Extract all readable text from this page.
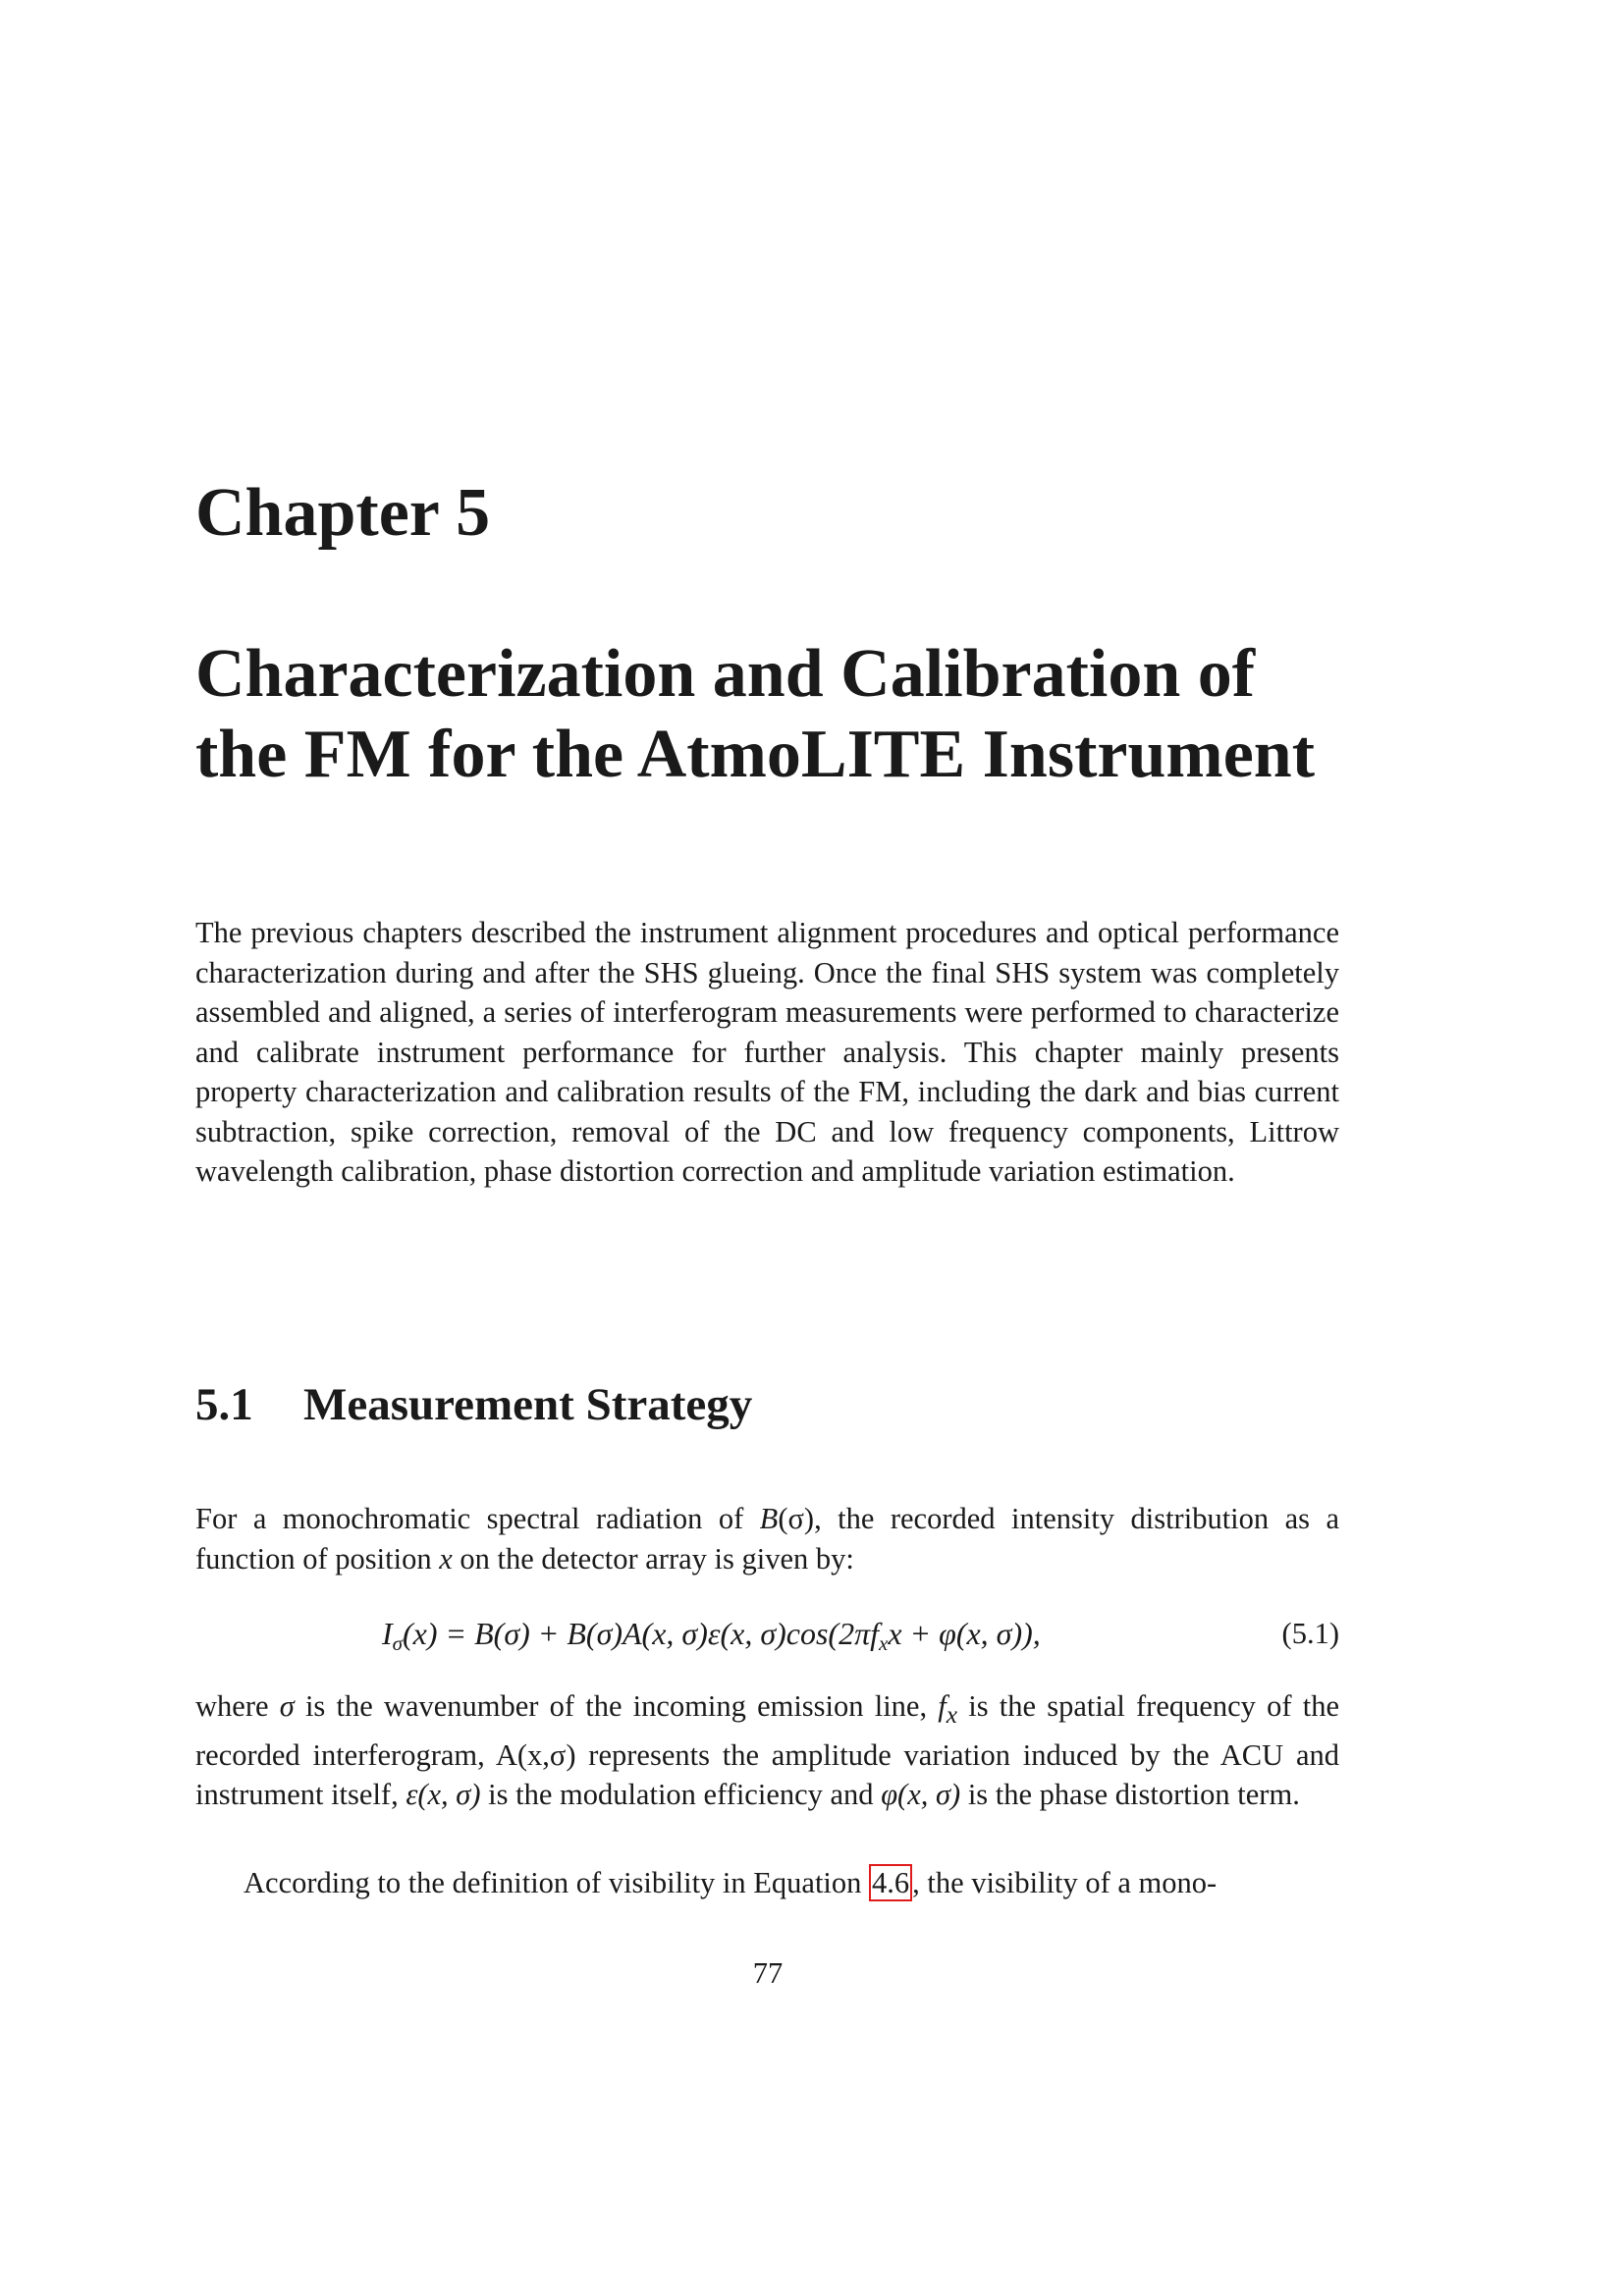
Chapter 5
Characterization and Calibration of
the FM for the AtmoLITE Instrument

The previous chapters described the instrument alignment procedures and optical performance characterization during and after the SHS glueing. Once the final SHS system was completely assembled and aligned, a series of interferogram measurements were performed to characterize and calibrate instrument performance for further analysis. This chapter mainly presents property characterization and calibration results of the FM, including the dark and bias current subtraction, spike correction, removal of the DC and low frequency components, Littrow wavelength calibration, phase distortion correction and amplitude variation estimation.

5.1 Measurement Strategy

For a monochromatic spectral radiation of B(σ), the recorded intensity distribution as a function of position x on the detector array is given by:

$I_\sigma(x) = B(\sigma) + B(\sigma)A(x$, σ)ε(x, $\sigma)\cos(2\pi f_xx + \varphi(x$, σ)),	(5.1)

where σ is the wavenumber of the incoming emission line, $f_x$ is the spatial frequency of the recorded interferogram, A(x,σ) represents the amplitude variation induced by the ACU and instrument itself, ε(x, σ) is the modulation efficiency and φ(x, σ) is the phase distortion term.

According to the definition of visibility in Equation 4.6, the visibility of a mono-

77
